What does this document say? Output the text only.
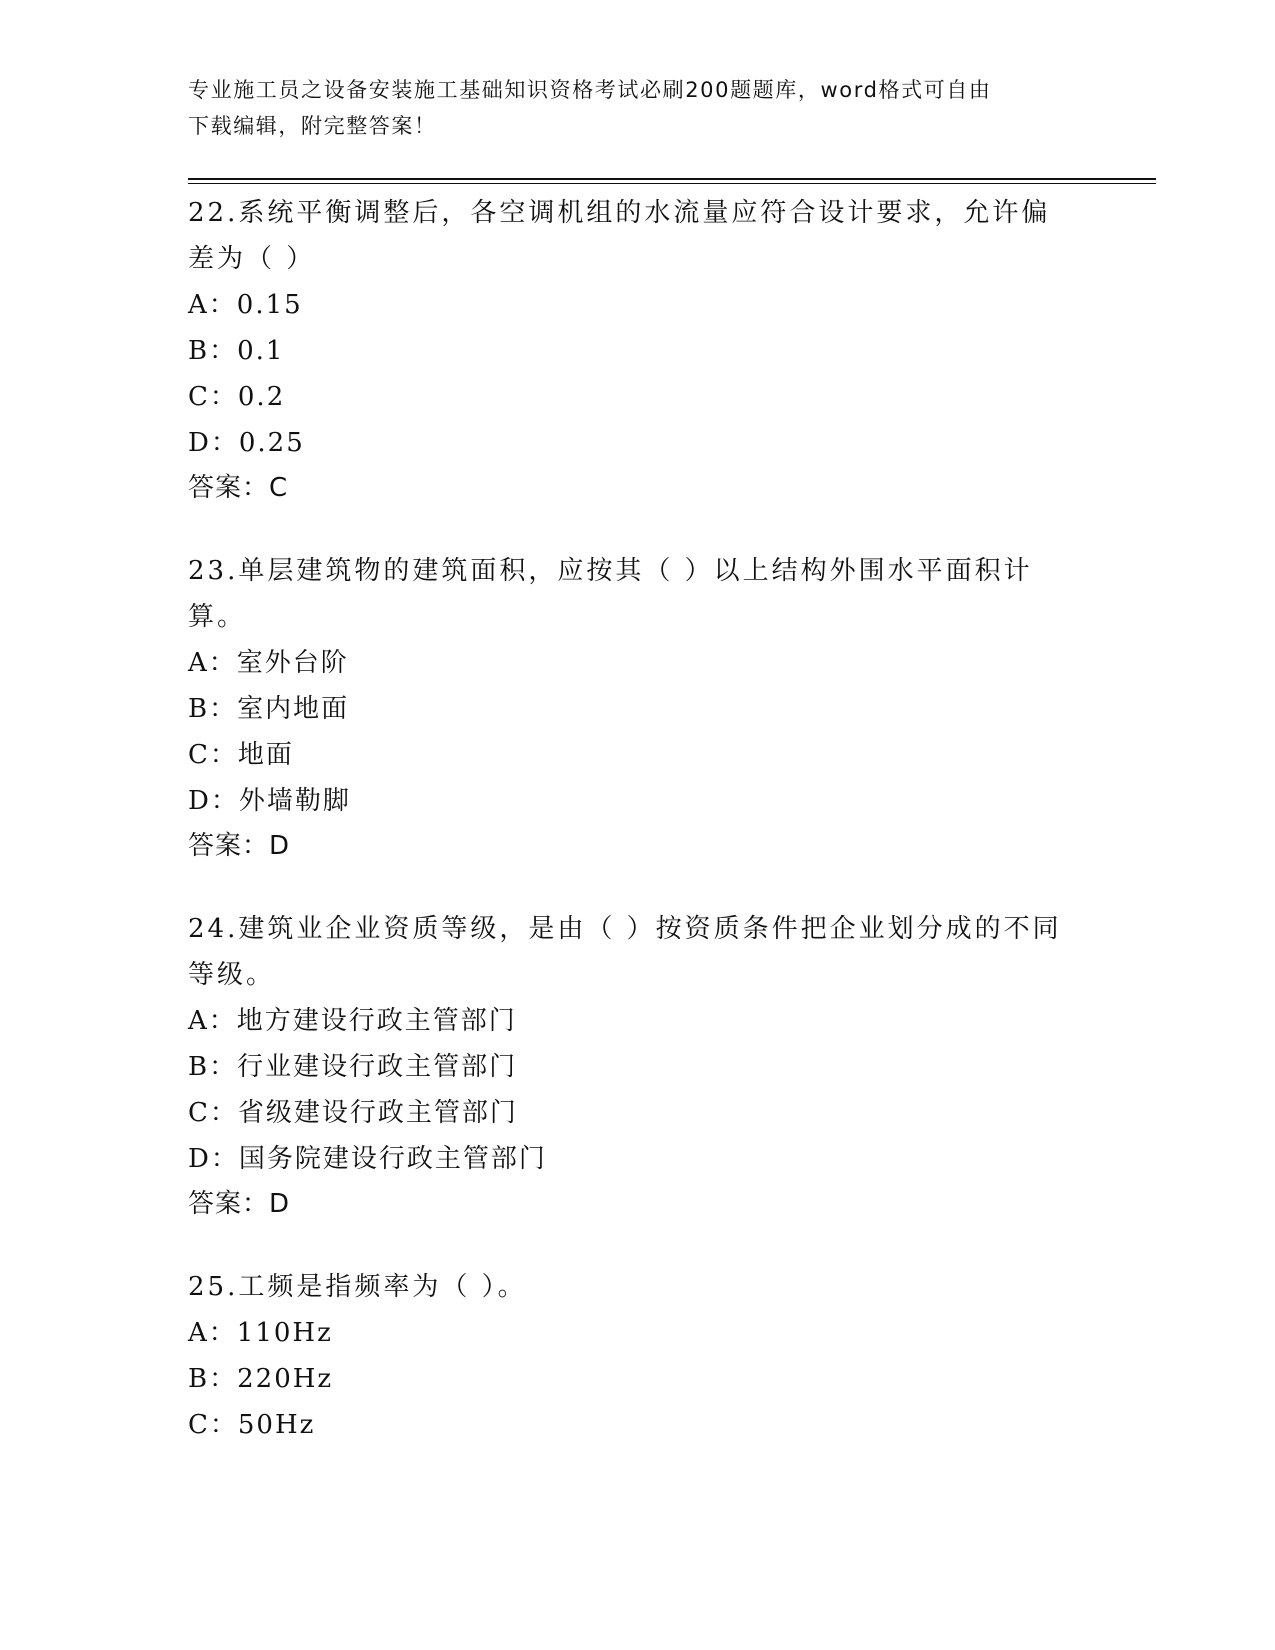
专业施工员之设备安装施工基础知识资格考试必刷200题题库，word格式可自由
下载编辑，附完整答案！
22.系统平衡调整后，各空调机组的水流量应符合设计要求，允许偏差为（ ）
A：0.15
B：0.1
C：0.2
D：0.25
答案：C
23.单层建筑物的建筑面积，应按其（ ）以上结构外围水平面积计算。
A：室外台阶
B：室内地面
C：地面
D：外墙勒脚
答案：D
24.建筑业企业资质等级，是由（ ）按资质条件把企业划分成的不同等级。
A：地方建设行政主管部门
B：行业建设行政主管部门
C：省级建设行政主管部门
D：国务院建设行政主管部门
答案：D
25.工频是指频率为（ ）。
A：110Hz
B：220Hz
C：50Hz
